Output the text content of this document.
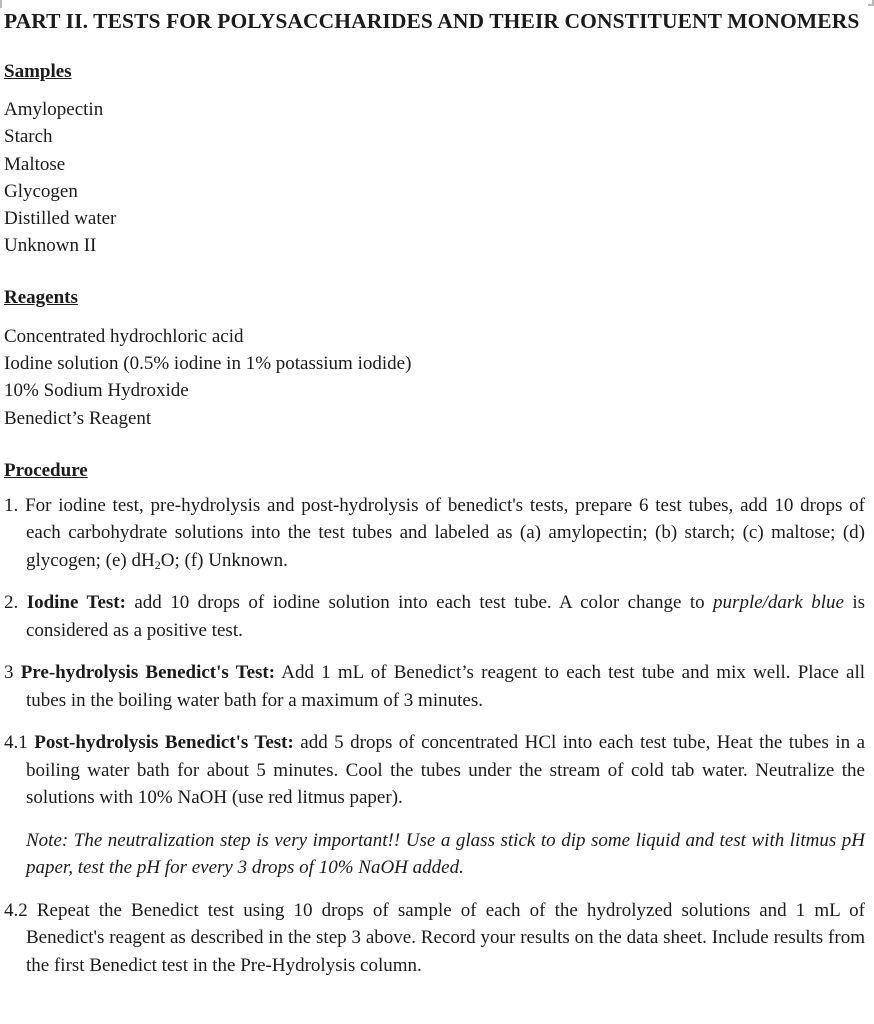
PART II. TESTS FOR POLYSACCHARIDES AND THEIR CONSTITUENT MONOMERS
Samples
Amylopectin
Starch
Maltose
Glycogen
Distilled water
Unknown II
Reagents
Concentrated hydrochloric acid
Iodine solution (0.5% iodine in 1% potassium iodide)
10% Sodium Hydroxide
Benedict’s Reagent
Procedure
1. For iodine test, pre-hydrolysis and post-hydrolysis of benedict's tests, prepare 6 test tubes, add 10 drops of each carbohydrate solutions into the test tubes and labeled as (a) amylopectin; (b) starch; (c) maltose; (d) glycogen; (e) $dH_2O$; (f) Unknown.
2. Iodine Test: add 10 drops of iodine solution into each test tube. A color change to purple/dark blue is considered as a positive test.
3 Pre-hydrolysis Benedict's Test: Add 1 mL of Benedict’s reagent to each test tube and mix well. Place all tubes in the boiling water bath for a maximum of 3 minutes.
4.1 Post-hydrolysis Benedict's Test: add 5 drops of concentrated HCl into each test tube, Heat the tubes in a boiling water bath for about 5 minutes. Cool the tubes under the stream of cold tab water. Neutralize the solutions with 10% NaOH (use red litmus paper).
Note: The neutralization step is very important!! Use a glass stick to dip some liquid and test with litmus pH paper, test the pH for every 3 drops of 10% NaOH added.
4.2 Repeat the Benedict test using 10 drops of sample of each of the hydrolyzed solutions and 1 mL of Benedict's reagent as described in the step 3 above. Record your results on the data sheet. Include results from the first Benedict test in the Pre-Hydrolysis column.
